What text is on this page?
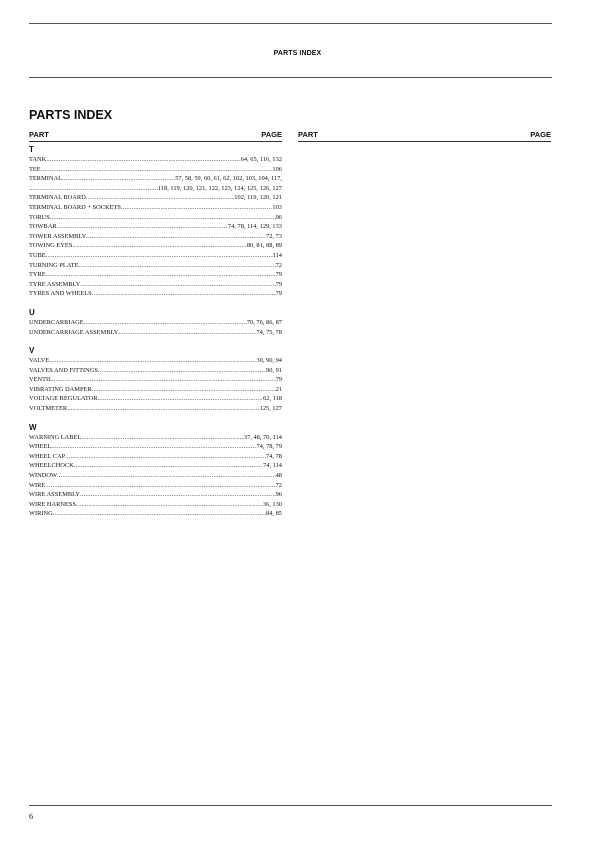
PARTS INDEX
PARTS INDEX
PART	PAGE
T
TANK .....	64, 65, 116, 132
TEE .....	106
TERMINAL .....	57, 58, 59, 60, 61, 62, 102, 103, 104, 117,
.....
118, 119, 120, 121, 122, 123, 124, 125, 126, 127
TERMINAL BOARD .....	102, 119, 120, 121
TERMINAL BOARD + SOCKETS .....	103
TORUS .....	96
TOWBAR .....	74, 78, 114, 129, 133
TOWER ASSEMBLY .....	72, 73
TOWING EYES .....	80, 81, 88, 89
TUBE .....	114
TURNING PLATE .....	72
TYRE .....	79
TYRE ASSEMBLY .....	79
TYRES AND WHEELS .....	79
U
UNDERCARRIAGE .....	70, 76, 86, 87
UNDERCARRIAGE ASSEMBLY .....	74, 75, 78
V
VALVE .....	30, 90, 94
VALVES AND FITTINGS .....	90, 91
VENTIL .....	79
VIBRATING DAMPER .....	21
VOLTAGE REGULATOR .....	62, 118
VOLTMETER .....	125, 127
W
WARNING LABEL .....	37, 48, 70, 114
WHEEL .....	74, 78, 79
WHEEL CAP .....	74, 78
WHEELCHOCK .....	74, 114
WINDOW .....	48
WIRE .....	72
WIRE ASSEMBLY .....	96
WIRE HARNESS .....	36, 130
WIRING .....	84, 85
PART	PAGE
6
